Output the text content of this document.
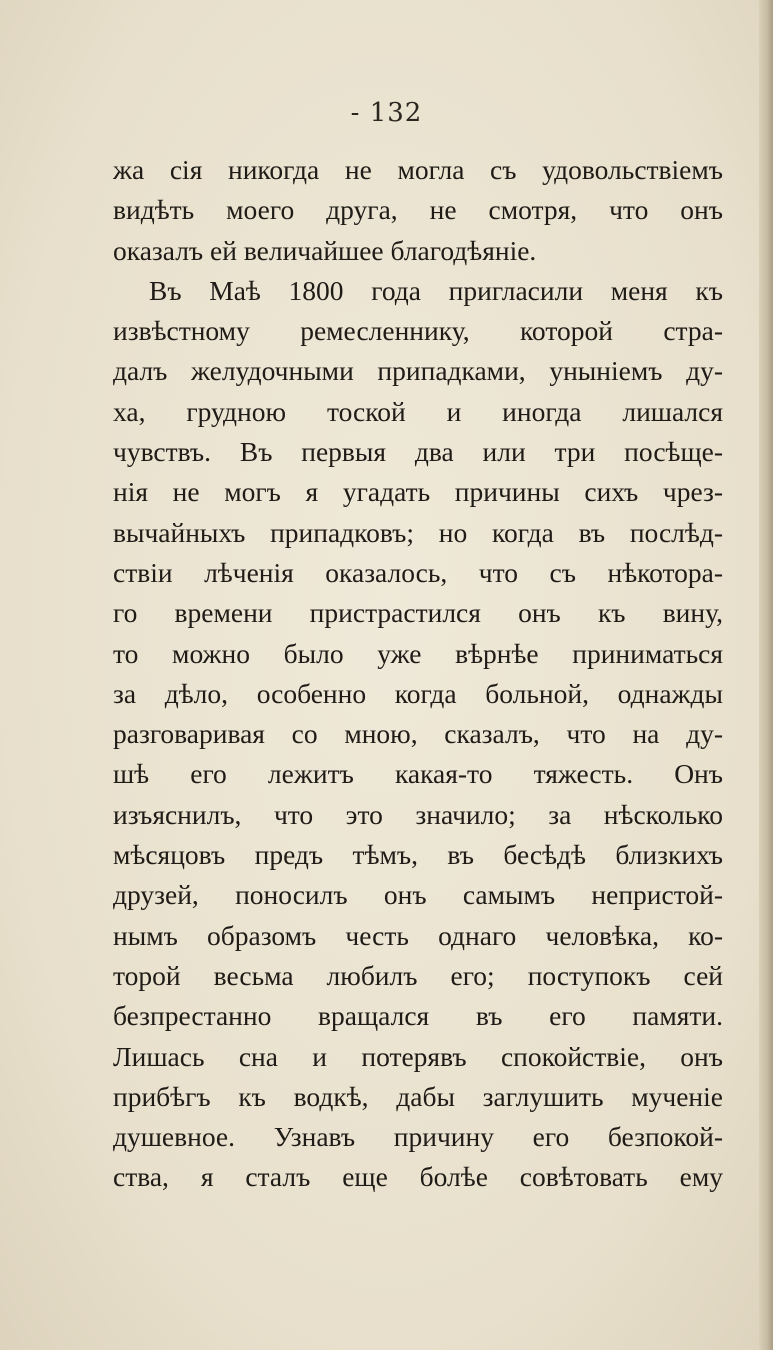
- 132
жа сія никогда не могла съ удовольствіемъ
видѣть моего друга, не смотря, что онъ
оказалъ ей величайшее благодѣяніе.
Въ Маѣ 1800 года пригласили меня къ
извѣстному ремесленнику, которой стра-
далъ желудочными припадками, уныніемъ ду-
ха, грудною тоской и иногда лишался
чувствъ. Въ первыя два или три посѣще-
нія не могъ я угадать причины сихъ чрез-
вычайныхъ припадковъ; но когда въ послѣд-
ствіи лѣченія оказалось, что съ нѣкотора-
го времени пристрастился онъ къ вину,
то можно было уже вѣрнѣе приниматься
за дѣло, особенно когда больной, однажды
разговаривая со мною, сказалъ, что на ду-
шѣ его лежитъ какая-то тяжесть. Онъ
изъяснилъ, что это значило; за нѣсколько
мѣсяцовъ предъ тѣмъ, въ бесѣдѣ близкихъ
друзей, поносилъ онъ самымъ непристой-
нымъ образомъ честь однаго человѣка, ко-
торой весьма любилъ его; поступокъ сей
безпрестанно вращался въ его памяти.
Лишась сна и потерявъ спокойствіе, онъ
прибѣгъ къ водкѣ, дабы заглушить мученіе
душевное. Узнавъ причину его безпокой-
ства, я сталъ еще болѣе совѣтовать ему
